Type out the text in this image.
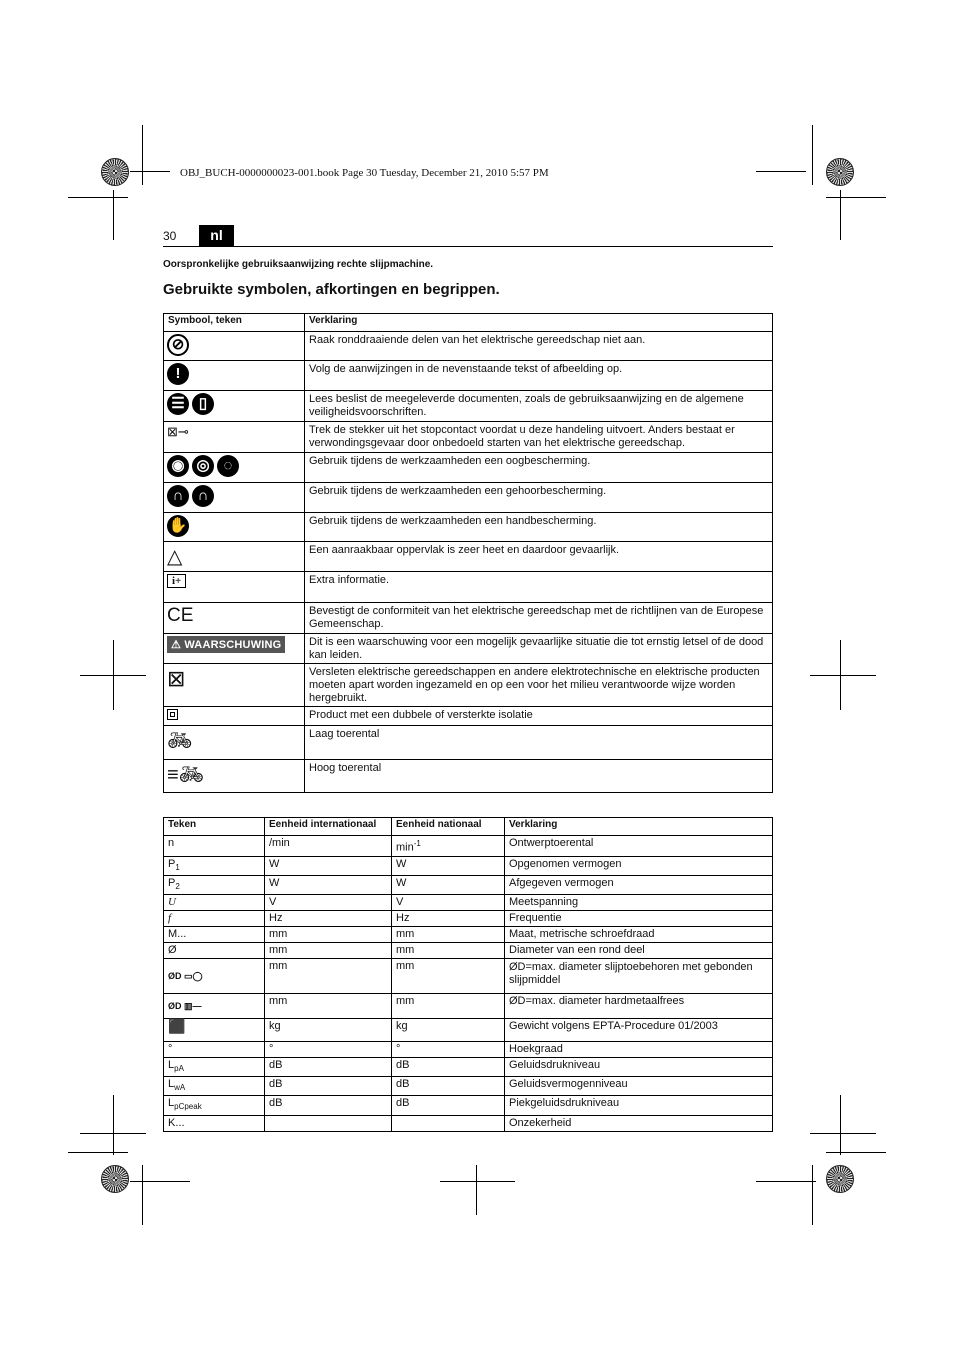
OBJ_BUCH-0000000023-001.book Page 30 Tuesday, December 21, 2010 5:57 PM
30	nl
Oorspronkelijke gebruiksaanwijzing rechte slijpmachine.
Gebruikte symbolen, afkortingen en begrippen.
Symbool, teken	Verklaring
⊘	Raak ronddraaiende delen van het elektrische gereedschap niet aan.
!	Volg de aanwijzingen in de nevenstaande tekst of afbeelding op.
☰ ▯	Lees beslist de meegeleverde documenten, zoals de gebruiksaanwijzing en de algemene veiligheidsvoorschriften.
⊠⊸	Trek de stekker uit het stopcontact voordat u deze handeling uitvoert. Anders bestaat er verwondingsgevaar door onbedoeld starten van het elektrische gereedschap.
◉ ◎ ◌	Gebruik tijdens de werkzaamheden een oogbescherming.
∩ ∩	Gebruik tijdens de werkzaamheden een gehoorbescherming.
✋	Gebruik tijdens de werkzaamheden een handbescherming.
△	Een aanraakbaar oppervlak is zeer heet en daardoor gevaarlijk.
i+	Extra informatie.
CE	Bevestigt de conformiteit van het elektrische gereedschap met de richtlijnen van de Europese Gemeenschap.
⚠ WAARSCHUWING	Dit is een waarschuwing voor een mogelijk gevaarlijke situatie die tot ernstig letsel of de dood kan leiden.
⊠	Versleten elektrische gereedschappen en andere elektrotechnische en elektrische producten moeten apart worden ingezameld en op een voor het milieu verantwoorde wijze worden hergebruikt.
	Product met een dubbele of versterkte isolatie
🚲︎	Laag toerental
≡🚲︎	Hoog toerental
Teken	Eenheid internationaal	Eenheid nationaal	Verklaring
n	/min	$\min^{-1}$	Ontwerptoerental
$P_1$	W	W	Opgenomen vermogen
$P_2$	W	W	Afgegeven vermogen
U	V	V	Meetspanning
f	Hz	Hz	Frequentie
M...	mm	mm	Maat, metrische schroefdraad
Ø	mm	mm	Diameter van een rond deel
ØD ▭◯	mm	mm	ØD=max. diameter slijptoebehoren met gebonden slijpmiddel
ØD ▥—	mm	mm	ØD=max. diameter hardmetaalfrees
⬛	kg	kg	Gewicht volgens EPTA-Procedure 01/2003
°	°	°	Hoekgraad
$L_{pA}$	dB	dB	Geluidsdrukniveau
$L_{wA}$	dB	dB	Geluidsvermogenniveau
$L_{pCpeak}$	dB	dB	Piekgeluidsdrukniveau
K...			Onzekerheid
